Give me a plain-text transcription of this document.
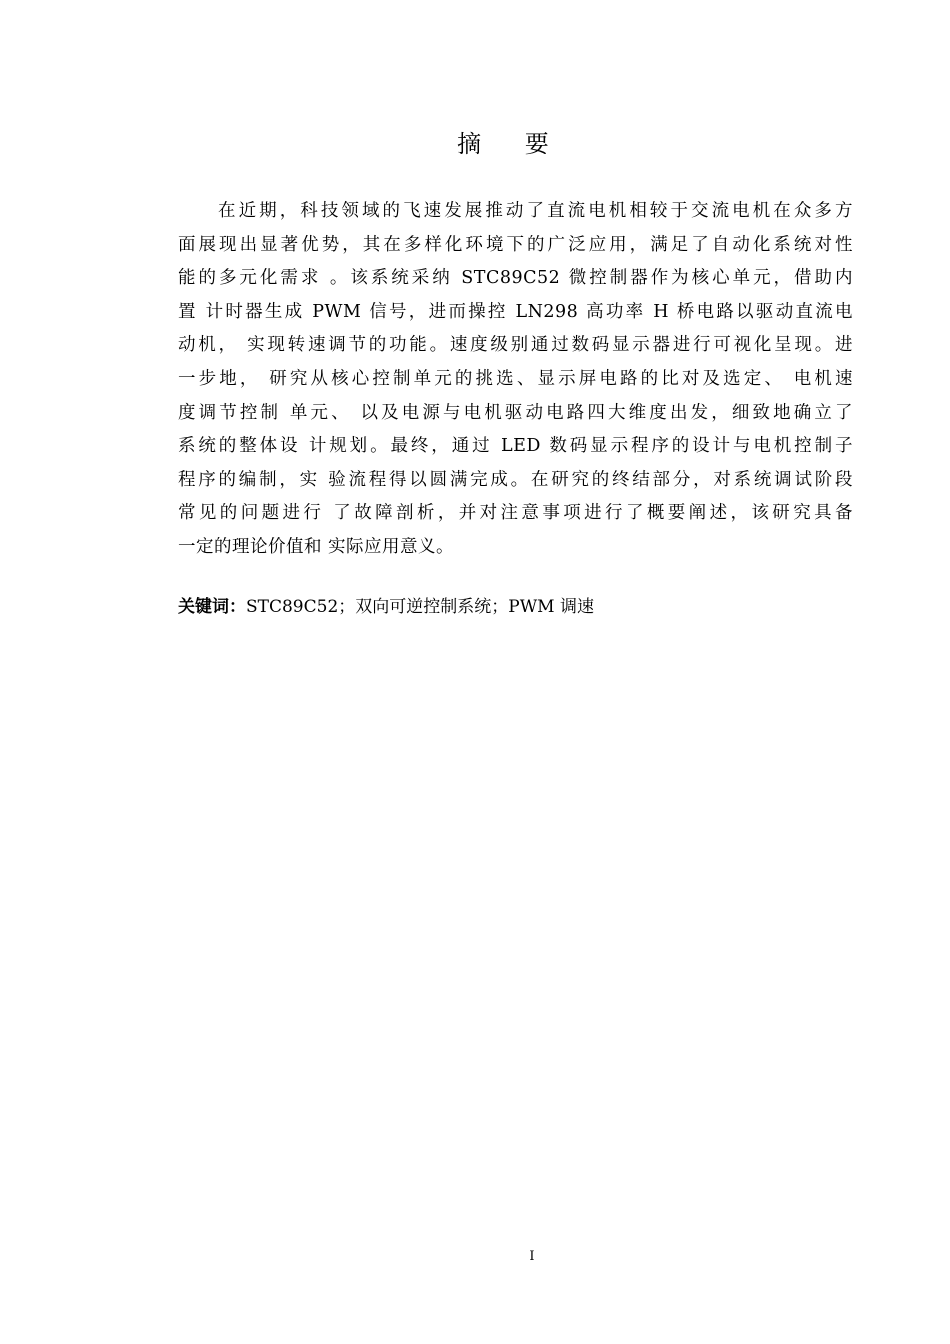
摘 要
在近期，科技领域的飞速发展推动了直流电机相较于交流电机在众多方
面展现出显著优势，其在多样化环境下的广泛应用，满足了自动化系统对性
能的多元化需求 。该系统采纳 STC89C52 微控制器作为核心单元，借助内
置 计时器生成 PWM 信号，进而操控 LN298 高功率 H 桥电路以驱动直流电
动机， 实现转速调节的功能。速度级别通过数码显示器进行可视化呈现。进
一步地， 研究从核心控制单元的挑选、显示屏电路的比对及选定、 电机速
度调节控制 单元、 以及电源与电机驱动电路四大维度出发，细致地确立了
系统的整体设 计规划。最终，通过 LED 数码显示程序的设计与电机控制子
程序的编制，实 验流程得以圆满完成。在研究的终结部分，对系统调试阶段
常见的问题进行 了故障剖析，并对注意事项进行了概要阐述，该研究具备
一定的理论价值和 实际应用意义。
关键词：STC89C52；双向可逆控制系统；PWM 调速
I
